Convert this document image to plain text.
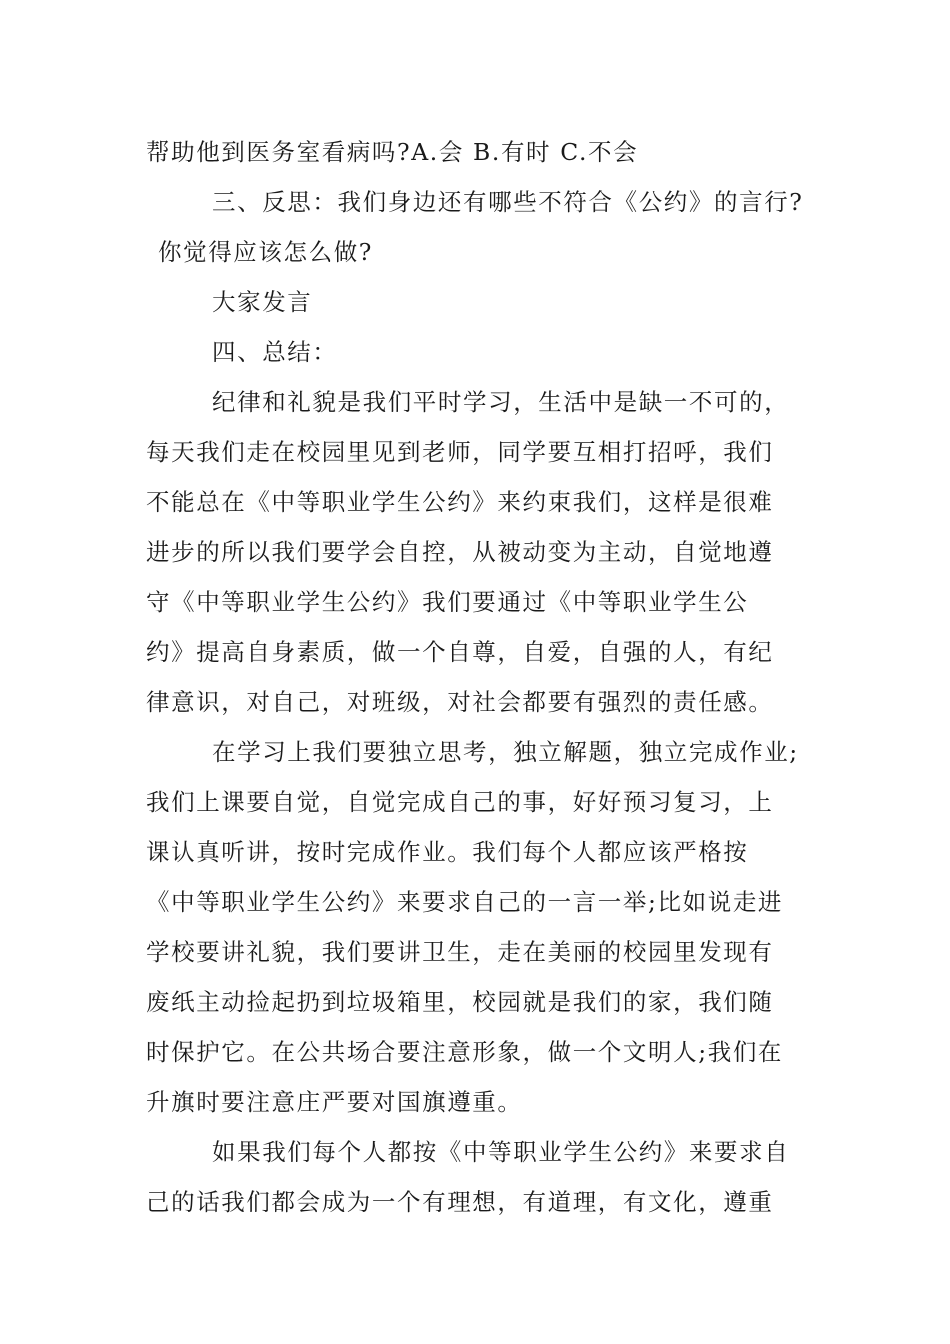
帮助他到医务室看病吗?A.会 B.有时 C.不会
三、反思：我们身边还有哪些不符合《公约》的言行?
你觉得应该怎么做?
大家发言
四、总结：
纪律和礼貌是我们平时学习，生活中是缺一不可的，
每天我们走在校园里见到老师，同学要互相打招呼，我们
不能总在《中等职业学生公约》来约束我们，这样是很难
进步的所以我们要学会自控，从被动变为主动，自觉地遵
守《中等职业学生公约》我们要通过《中等职业学生公
约》提高自身素质，做一个自尊，自爱，自强的人，有纪
律意识，对自己，对班级，对社会都要有强烈的责任感。
在学习上我们要独立思考，独立解题，独立完成作业;
我们上课要自觉，自觉完成自己的事，好好预习复习，上
课认真听讲，按时完成作业。我们每个人都应该严格按
《中等职业学生公约》来要求自己的一言一举;比如说走进
学校要讲礼貌，我们要讲卫生，走在美丽的校园里发现有
废纸主动捡起扔到垃圾箱里，校园就是我们的家，我们随
时保护它。在公共场合要注意形象，做一个文明人;我们在
升旗时要注意庄严要对国旗遵重。
如果我们每个人都按《中等职业学生公约》来要求自
己的话我们都会成为一个有理想，有道理，有文化，遵重
